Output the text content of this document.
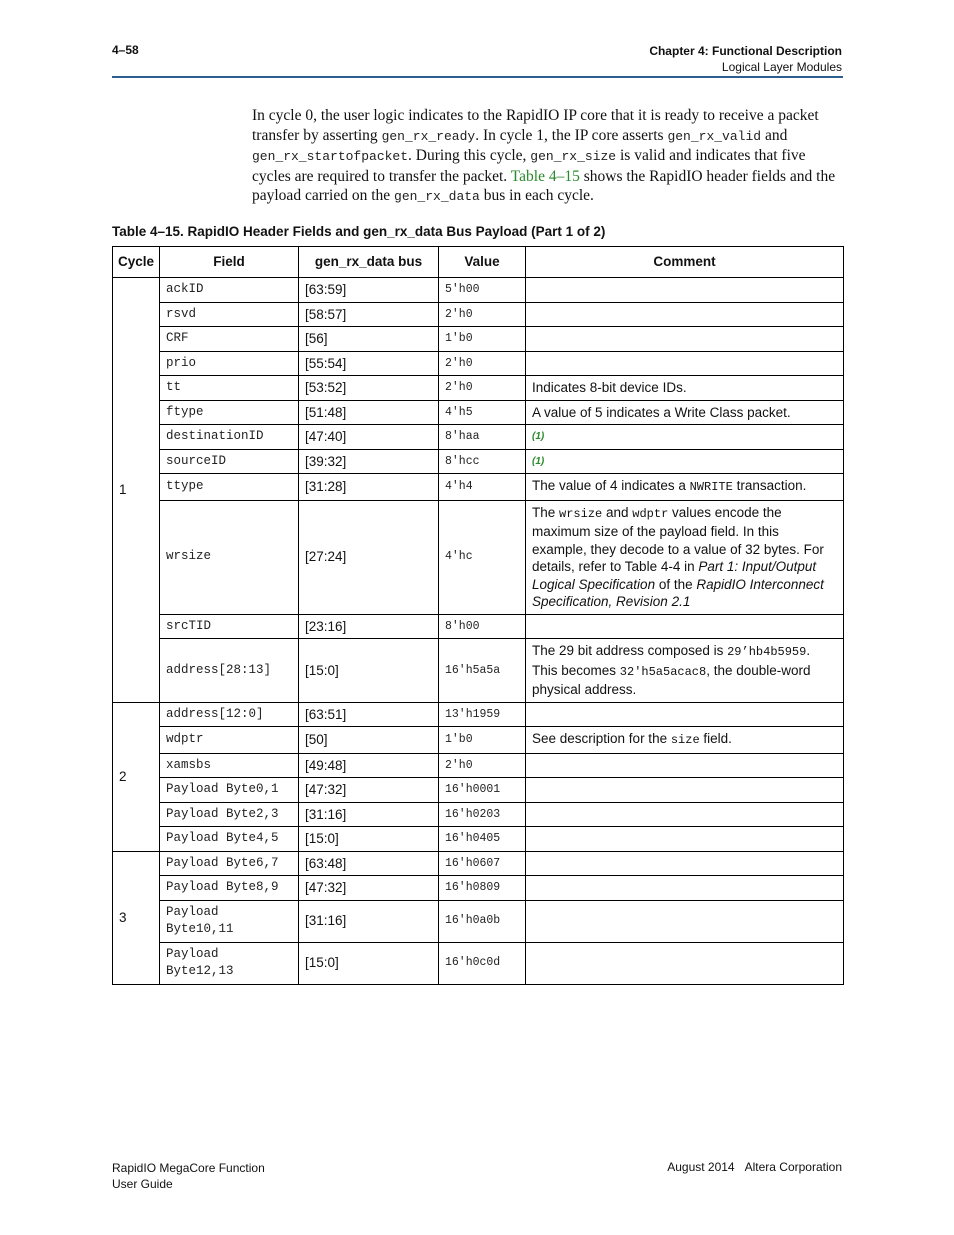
4–58	Chapter 4: Functional Description
Logical Layer Modules
In cycle 0, the user logic indicates to the RapidIO IP core that it is ready to receive a packet transfer by asserting gen_rx_ready. In cycle 1, the IP core asserts gen_rx_valid and gen_rx_startofpacket. During this cycle, gen_rx_size is valid and indicates that five cycles are required to transfer the packet. Table 4–15 shows the RapidIO header fields and the payload carried on the gen_rx_data bus in each cycle.
Table 4–15. RapidIO Header Fields and gen_rx_data Bus Payload (Part 1 of 2)
Cycle	Field	gen_rx_data bus	Value	Comment
1	ackID	[63:59]	5'h00	
	rsvd	[58:57]	2'h0	
	CRF	[56]	1'b0	
	prio	[55:54]	2'h0	
	tt	[53:52]	2'h0	Indicates 8-bit device IDs.
	ftype	[51:48]	4'h5	A value of 5 indicates a Write Class packet.
	destinationID	[47:40]	8'haa	$^{(1)}$
	sourceID	[39:32]	8'hcc	$^{(1)}$
	ttype	[31:28]	4'h4	The value of 4 indicates a NWRITE transaction.
	wrsize	[27:24]	4'hc	The wrsize and wdptr values encode the maximum size of the payload field. In this example, they decode to a value of 32 bytes. For details, refer to Table 4-4 in Part 1: Input/Output Logical Specification of the RapidIO Interconnect Specification, Revision 2.1
	srcTID	[23:16]	8'h00	
	address[28:13]	[15:0]	16'h5a5a	The 29 bit address composed is 29’hb4b5959. This becomes 32'h5a5acac8, the double-word physical address.
2	address[12:0]	[63:51]	13'h1959	
	wdptr	[50]	1'b0	See description for the size field.
	xamsbs	[49:48]	2'h0	
	Payload Byte0,1	[47:32]	16'h0001	
	Payload Byte2,3	[31:16]	16'h0203	
	Payload Byte4,5	[15:0]	16'h0405	
3	Payload Byte6,7	[63:48]	16'h0607	
	Payload Byte8,9	[47:32]	16'h0809	
	Payload Byte10,11	[31:16]	16'h0a0b	
	Payload Byte12,13	[15:0]	16'h0c0d	
RapidIO MegaCore Function
User Guide
August 2014 Altera Corporation
